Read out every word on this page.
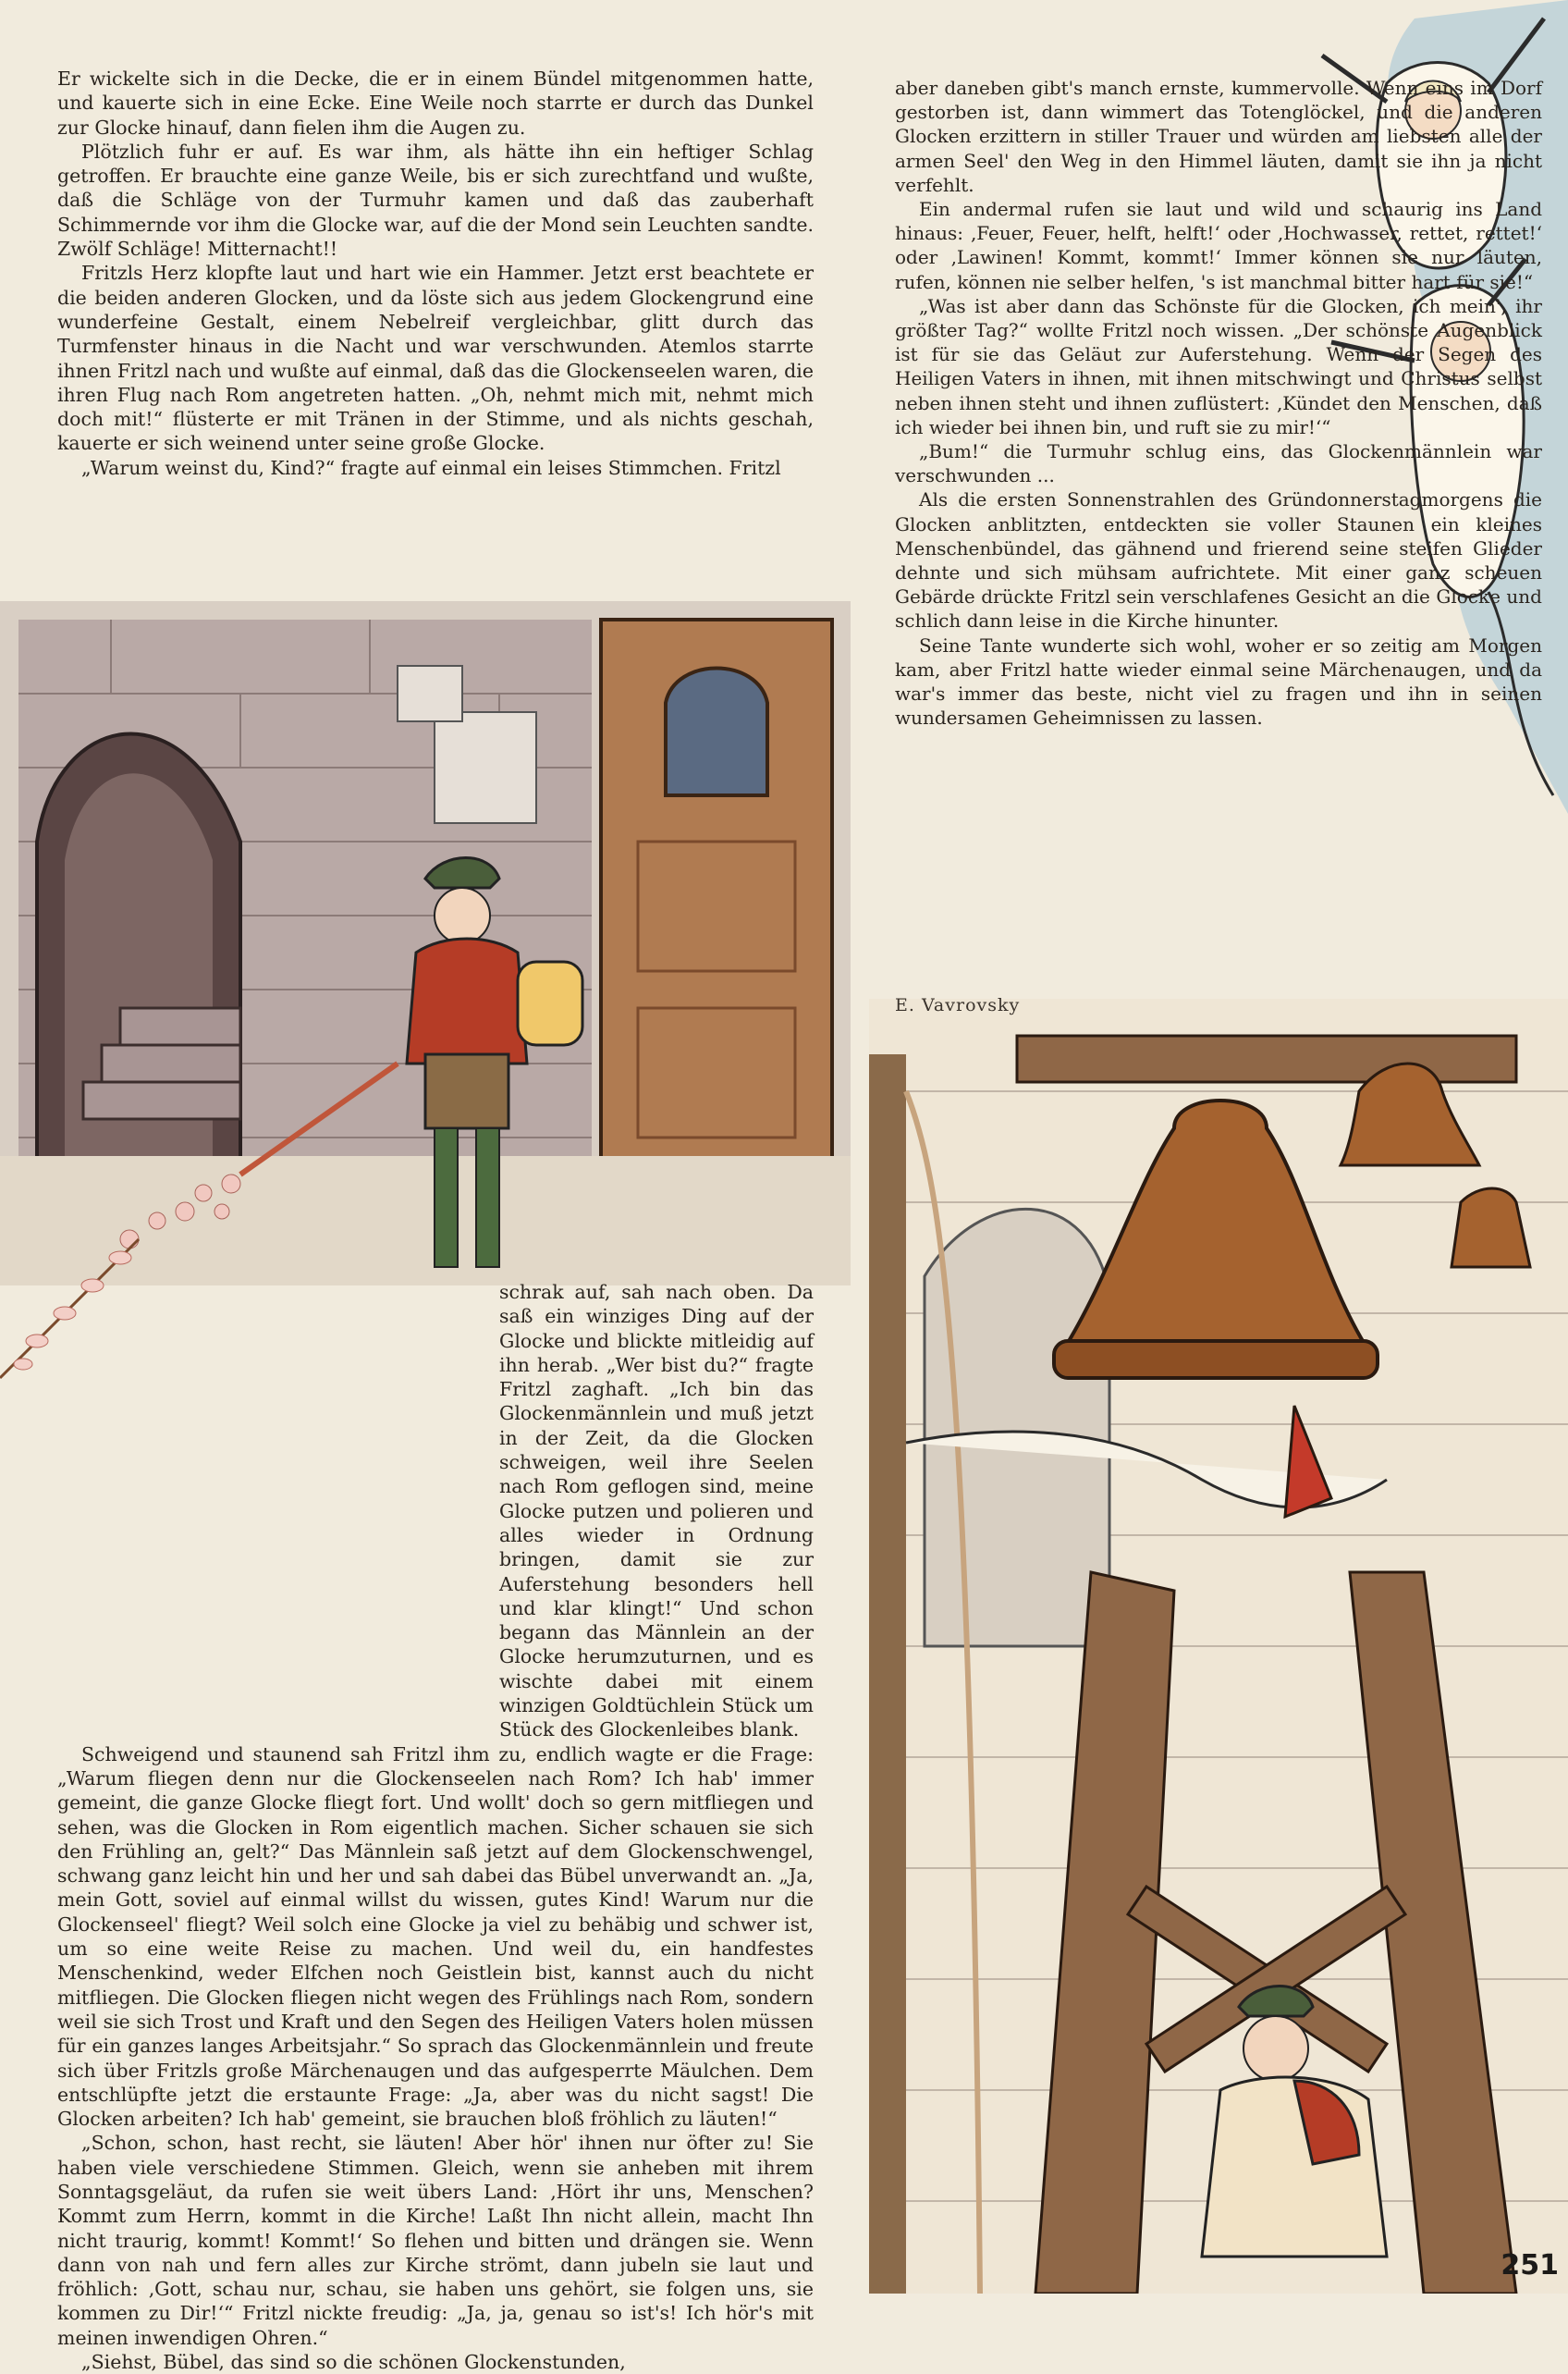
Er wickelte sich in die Decke, die er in einem Bündel mitgenommen hatte, und kauerte sich in eine Ecke. Eine Weile noch starrte er durch das Dunkel zur Glocke hinauf, dann fielen ihm die Augen zu.

Plötzlich fuhr er auf. Es war ihm, als hätte ihn ein heftiger Schlag getroffen. Er brauchte eine ganze Weile, bis er sich zurechtfand und wußte, daß die Schläge von der Turmuhr kamen und daß das zauberhaft Schimmernde vor ihm die Glocke war, auf die der Mond sein Leuchten sandte. Zwölf Schläge! Mitternacht!!

Fritzls Herz klopfte laut und hart wie ein Hammer. Jetzt erst beachtete er die beiden anderen Glocken, und da löste sich aus jedem Glockengrund eine wunderfeine Gestalt, einem Nebelreif vergleichbar, glitt durch das Turmfenster hinaus in die Nacht und war verschwunden. Atemlos starrte ihnen Fritzl nach und wußte auf einmal, daß das die Glockenseelen waren, die ihren Flug nach Rom angetreten hatten. „Oh, nehmt mich mit, nehmt mich doch mit!“ flüsterte er mit Tränen in der Stimme, und als nichts geschah, kauerte er sich weinend unter seine große Glocke.

„Warum weinst du, Kind?“ fragte auf einmal ein leises Stimmchen. Fritzl

aber daneben gibt's manch ernste, kummervolle. Wenn eins im Dorf gestorben ist, dann wimmert das Totenglöckel, und die anderen Glocken erzittern in stiller Trauer und würden am liebsten alle der armen Seel' den Weg in den Himmel läuten, damit sie ihn ja nicht verfehlt.

Ein andermal rufen sie laut und wild und schaurig ins Land hinaus: ‚Feuer, Feuer, helft, helft!‘ oder ‚Hochwasser, rettet, rettet!‘ oder ‚Lawinen! Kommt, kommt!‘ Immer können sie nur läuten, rufen, können nie selber helfen, 's ist manchmal bitter hart für sie!“

„Was ist aber dann das Schönste für die Glocken, ich mein', ihr größter Tag?“ wollte Fritzl noch wissen. „Der schönste Augenblick ist für sie das Geläut zur Auferstehung. Wenn der Segen des Heiligen Vaters in ihnen, mit ihnen mitschwingt und Christus selbst neben ihnen steht und ihnen zuflüstert: ‚Kündet den Menschen, daß ich wieder bei ihnen bin, und ruft sie zu mir!‘“

„Bum!“ die Turmuhr schlug eins, das Glockenmännlein war verschwunden ...

Als die ersten Sonnenstrahlen des Gründonnerstagmorgens die Glocken anblitzten, entdeckten sie voller Staunen ein kleines Menschenbündel, das gähnend und frierend seine steifen Glieder dehnte und sich mühsam aufrichtete. Mit einer ganz scheuen Gebärde drückte Fritzl sein verschlafenes Gesicht an die Glocke und schlich dann leise in die Kirche hinunter.

Seine Tante wunderte sich wohl, woher er so zeitig am Morgen kam, aber Fritzl hatte wieder einmal seine Märchenaugen, und da war's immer das beste, nicht viel zu fragen und ihn in seinen wundersamen Geheimnissen zu lassen.

E. Vavrovsky

schrak auf, sah nach oben. Da saß ein winziges Ding auf der Glocke und blickte mitleidig auf ihn herab. „Wer bist du?“ fragte Fritzl zaghaft. „Ich bin das Glockenmännlein und muß jetzt in der Zeit, da die Glocken schweigen, weil ihre Seelen nach Rom geflogen sind, meine Glocke putzen und polieren und alles wieder in Ordnung bringen, damit sie zur Auferstehung besonders hell und klar klingt!“ Und schon begann das Männlein an der Glocke herumzuturnen, und es wischte dabei mit einem winzigen Goldtüchlein Stück um Stück des Glockenleibes blank.

Schweigend und staunend sah Fritzl ihm zu, endlich wagte er die Frage: „Warum fliegen denn nur die Glockenseelen nach Rom? Ich hab' immer gemeint, die ganze Glocke fliegt fort. Und wollt' doch so gern mitfliegen und sehen, was die Glocken in Rom eigentlich machen. Sicher schauen sie sich den Frühling an, gelt?“ Das Männlein saß jetzt auf dem Glockenschwengel, schwang ganz leicht hin und her und sah dabei das Bübel unverwandt an. „Ja, mein Gott, soviel auf einmal willst du wissen, gutes Kind! Warum nur die Glockenseel' fliegt? Weil solch eine Glocke ja viel zu behäbig und schwer ist, um so eine weite Reise zu machen. Und weil du, ein handfestes Menschenkind, weder Elfchen noch Geistlein bist, kannst auch du nicht mitfliegen. Die Glocken fliegen nicht wegen des Frühlings nach Rom, sondern weil sie sich Trost und Kraft und den Segen des Heiligen Vaters holen müssen für ein ganzes langes Arbeitsjahr.“ So sprach das Glockenmännlein und freute sich über Fritzls große Märchenaugen und das aufgesperrte Mäulchen. Dem entschlüpfte jetzt die erstaunte Frage: „Ja, aber was du nicht sagst! Die Glocken arbeiten? Ich hab' gemeint, sie brauchen bloß fröhlich zu läuten!“

„Schon, schon, hast recht, sie läuten! Aber hör' ihnen nur öfter zu! Sie haben viele verschiedene Stimmen. Gleich, wenn sie anheben mit ihrem Sonntagsgeläut, da rufen sie weit übers Land: ‚Hört ihr uns, Menschen? Kommt zum Herrn, kommt in die Kirche! Laßt Ihn nicht allein, macht Ihn nicht traurig, kommt! Kommt!‘ So flehen und bitten und drängen sie. Wenn dann von nah und fern alles zur Kirche strömt, dann jubeln sie laut und fröhlich: ‚Gott, schau nur, schau, sie haben uns gehört, sie folgen uns, sie kommen zu Dir!‘“ Fritzl nickte freudig: „Ja, ja, genau so ist's! Ich hör's mit meinen inwendigen Ohren.“

„Siehst, Bübel, das sind so die schönen Glockenstunden,

251
